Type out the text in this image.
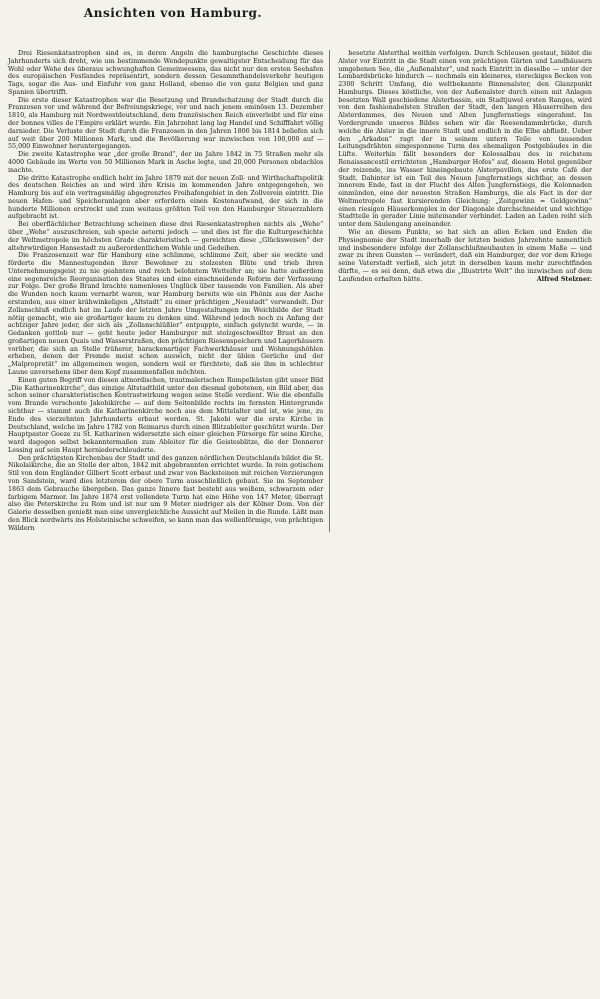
Ansichten von Hamburg.

Drei Riesenkatastrophen sind es, in deren Angeln die hamburgische Geschichte dieses Jahrhunderts sich dreht, wie um bestimmende Wendepunkte gewaltigster Entscheidung für das Wohl oder Wehe des überaus schwunghaften Gemeinwesens, das nicht nur den ersten Seehafen des europäischen Festlandes repräsentirt, sondern dessen Gesammthandelsverkehr heutigen Tags, sogar die Aus- und Einfuhr von ganz Holland, ebenso die von ganz Belgien und ganz Spanien übertrifft.

Die erste dieser Katastrophen war die Besetzung und Brandschatzung der Stadt durch die Franzosen vor und während der Befreiungskriege, vor und nach jenem ominösen 13. Dezember 1810, als Hamburg mit Nordwestdeutschland, dem französischen Reich einverleibt und für eine der bonnes villes de l'Empire erklärt wurde. Ein Jahrzehnt lang lag Handel und Schifffahrt völlig darnieder. Die Verluste der Stadt durch die Franzosen in den Jahren 1806 bis 1814 beliefen sich auf weit über 200 Millionen Mark, und die Bevölkerung war inzwischen von 100,000 auf — 55,000 Einwohner heruntergegangen.

Die zweite Katastrophe war „der große Brand“, der im Jahre 1842 in 75 Straßen mehr als 4000 Gebäude im Werte von 50 Millionen Mark in Asche legte, und 20,000 Personen obdachlos machte.

Die dritte Katastrophe endlich hebt im Jahre 1879 mit der neuen Zoll- und Wirthschaftspolitik des deutschen Reiches an und wird ihre Krisis im kommenden Jahre entgegengehen, wo Hamburg bis auf ein vertragsmäßig abgegrenztes Freihafengebiet in den Zollverein eintritt. Die neuen Hafen- und Speicheranlagen aber erfordern einen Kostenaufwand, der sich in die hunderte Millionen erstreckt und zum weitaus größten Teil von den Hamburger Steuerzahlern aufgebracht ist.

Bei oberflächlicher Betrachtung scheinen diese drei Riesenkatastrophen nichts als „Wehe“ über „Wehe“ auszuschreien, sub specie aeterni jedoch — und dies ist für die Kulturgeschichte der Weltmetropole im höchsten Grade charakteristisch — gereichten diese „Glücksweisen“ der altehrwürdigen Hansestadt zu außerordentlichem Wohle und Gedeihen.

Die Franzosenzeit war für Hamburg eine schlimme, schlimme Zeit, aber sie weckte und förderte die Mannestugenden ihrer Bewohner zu stolzesten Blüte und trieb ihren Unternehmungsgeist zu nie geahntem und reich belohntem Wetteifer an; sie hatte außerdem eine segensreiche Reorganisation des Staates und eine einschneidende Reform der Verfassung zur Folge. Der große Brand brachte namenloses Unglück über tausende von Familien. Als aber die Wunden noch kaum vernarbt waren, war Hamburg bereits wie ein Phönix aus der Asche erstanden, aus einer krähwinkeligen „Altstadt“ zu einer prächtigen „Neustadt“ verwandelt. Der Zollanschluß endlich hat im Laufe der letzten Jahre Umgestaltungen im Weichbilde der Stadt nötig gemacht, wie sie großartiger kaum zu denken sind. Während jedoch noch zu Anfang der achtziger Jahre jeder, der sich als „Zollanschlüßler“ entpuppte, einfach gelyncht wurde, — in Gedanken gottlob nur — geht heute jeder Hamburger mit stolzgeschwellter Brust an den großartigen neuen Quais und Wasserstraßen, den prächtigen Riesenspeichern und Lagerhäusern vorüber, die sich an Stelle früherer, barackenartiger Fachwerkhäuser und Wohnungshöhlen erheben, denen der Fremde meist schon auswich, nicht der üblen Gerüche und der „Malpropretät“ im allgemeinen wegen, sondern weil er fürchtete, daß sie ihm in schlechter Laune unversehens über dem Kopf zusammenfallen möchten.

Einen guten Begriff von diesen altnordischen, trautmalerischen Rumpelkästen gibt unser Bild „Die Katharinenkirche“, das einzige Altstadtbild unter den diesmal gebotenen, ein Bild aber, das schon seiner charakteristischen Kontrastwirkung wegen seine Stelle verdient. Wie die ebenfalls vom Brande verschonte Jakobikirche — auf dem Seitenbilde rechts im fernsten Hintergrunde sichtbar — stammt auch die Katharinenkirche noch aus dem Mittelalter und ist, wie jene, zu Ende des vierzehnten Jahrhunderts erbaut worden. St. Jakobi war die erste Kirche in Deutschland, welche im Jahre 1782 von Reimarus durch einen Blitzableiter geschützt wurde. Der Hauptpastor Goeze zu St. Katharinen widersetzte sich einer gleichen Fürsorge für seine Kirche, ward dagegen selbst bekanntermaßen zum Ableiter für die Geistesblitze, die der Donnerer Lessing auf sein Haupt herniederschleuderte.

Den prächtigsten Kirchenbau der Stadt und des ganzen nördlichen Deutschlands bildet die St. Nikolaikirche, die an Stelle der alten, 1842 mit abgebrannten errichtet wurde. In rein gotischem Stil von dem Engländer Gilbert Scott erbaut und zwar von Backsteinen mit reichen Verzierungen von Sandstein, ward dies letzterem der obere Turm ausschließlich gebaut. Sie im September 1863 dem Gebrauche übergeben. Das ganze Innere fast besteht aus weißem, schwarzem oder farbigem Marmor. Im Jahre 1874 erst vollendete Turm hat eine Höhe von 147 Meter, überragt also die Peterskirche zu Rom und ist nur um 9 Meter niedriger als der Kölner Dom. Von der Galerie desselben genießt man eine unvergleichliche Aussicht auf Meilen in die Runde. Läßt man den Blick nordwärts ins Holsteinische schweifen, so kann man das wellenförmige, von prächtigen Wäldern

besetzte Alsterthal weithin verfolgen. Durch Schleusen gestaut, bildet die Alster vor Eintritt in die Stadt einen von prächtigen Gärten und Landhäusern umgebenen See, die „Außenalster“, und nach Eintritt in dieselbe — unter der Lombardsbrücke hindurch — nochmals ein kleineres, viereckiges Becken von 2300 Schritt Umfang, die weltbekannte Binnenalster, den Glanzpunkt Hamburgs. Dieses köstliche, von der Außenalster durch einen mit Anlagen besetzten Wall geschiedene Alsterbassin, ein Stadtjuwel ersten Ranges, wird von den fashionabelsten Straßen der Stadt, den langen Häuserreihen des Alsterdammes, des Neuen und Alten Jungfernstiegs eingerahmt. Im Vordergrunde unseres Bildes sehen wir die Reesendammbrücke, durch welche die Alster in die innere Stadt und endlich in die Elbe abfließt. Ueber den „Arkaden“ ragt der in seinem untern Teile von tausenden Leitungsdrähten eingesponnene Turm des ehemaligen Postgebäudes in die Lüfte. Weiterhin fällt besonders der Kolossalbau des in reichstem Renaissancestil errichteten „Hamburger Hofes“ auf, diesem Hotel gegenüber der reizende, ins Wasser hineingebaute Alsterpavillon, das erste Café der Stadt. Dahinter ist ein Teil des Neuen Jungfernstiegs sichtbar, an dessen innerem Ende, fast in der Flucht des Alten Jungfernstiegs, die Kolonnaden einmünden, eine der neuesten Straßen Hamburgs, die als Fact in der der Weltmetropole fast kursierenden Gleichung: „Zeitgewinn = Geldgewinn“ einen riesigen Häuserkomplex in der Diagonale durchschneidet und wichtige Stadtteile in gerader Linie miteinander verbindet. Laden an Laden reiht sich unter dem Säulengang aneinander.

Wie an diesem Punkte, so hat sich an allen Ecken und Enden die Physiognomie der Stadt innerhalb der letzten beiden Jahrzehnte namentlich und insbesondere infolge der Zollanschlußneubauten in einem Maße — und zwar zu ihren Gunsten — verändert, daß ein Hamburger, der vor dem Kriege seine Vaterstadt verließ, sich jetzt in derselben kaum mehr zurechtfinden dürfte, — es sei denn, daß etwa die „Illustrirte Welt“ ihn inzwischen auf dem Laufenden erhalten hätte.	Alfred Stelzner.
